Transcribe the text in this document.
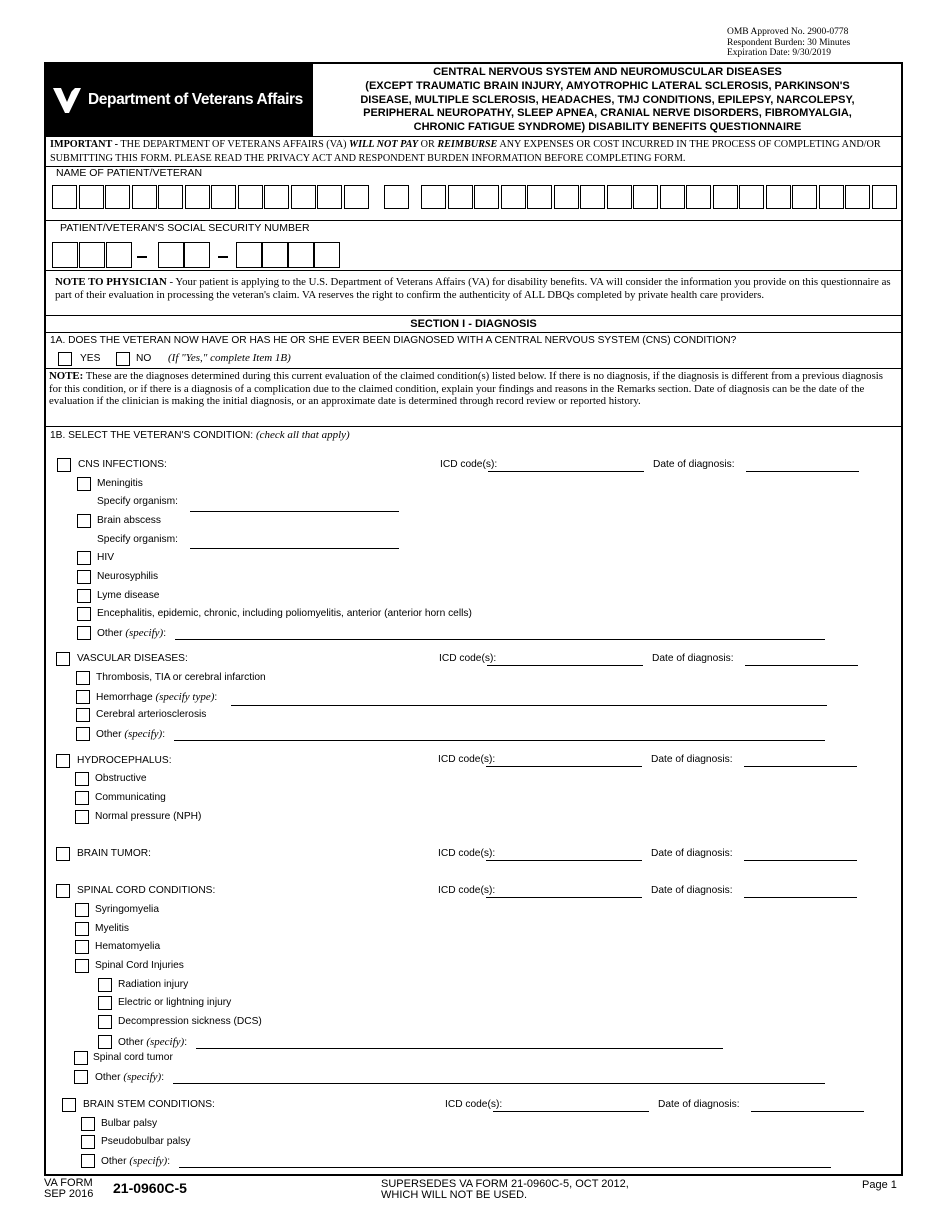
OMB Approved No. 2900-0778
Respondent Burden: 30 Minutes
Expiration Date: 9/30/2019
Department of Veterans Affairs
CENTRAL NERVOUS SYSTEM AND NEUROMUSCULAR DISEASES
(EXCEPT TRAUMATIC BRAIN INJURY, AMYOTROPHIC LATERAL SCLEROSIS, PARKINSON'S
DISEASE, MULTIPLE SCLEROSIS, HEADACHES, TMJ CONDITIONS, EPILEPSY, NARCOLEPSY,
PERIPHERAL NEUROPATHY, SLEEP APNEA, CRANIAL NERVE DISORDERS, FIBROMYALGIA,
CHRONIC FATIGUE SYNDROME) DISABILITY BENEFITS QUESTIONNAIRE
IMPORTANT - THE DEPARTMENT OF VETERANS AFFAIRS (VA) WILL NOT PAY OR REIMBURSE ANY EXPENSES OR COST INCURRED IN THE PROCESS OF COMPLETING AND/OR SUBMITTING THIS FORM. PLEASE READ THE PRIVACY ACT AND RESPONDENT BURDEN INFORMATION BEFORE COMPLETING FORM.
NAME OF PATIENT/VETERAN
PATIENT/VETERAN'S SOCIAL SECURITY NUMBER
NOTE TO PHYSICIAN - Your patient is applying to the U.S. Department of Veterans Affairs (VA) for disability benefits. VA will consider the information you provide on this questionnaire as part of their evaluation in processing the veteran's claim. VA reserves the right to confirm the authenticity of ALL DBQs completed by private health care providers.
SECTION I - DIAGNOSIS
1A. DOES THE VETERAN NOW HAVE OR HAS HE OR SHE EVER BEEN DIAGNOSED WITH A CENTRAL NERVOUS SYSTEM (CNS) CONDITION?
YES	NO (If "Yes," complete Item 1B)
NOTE: These are the diagnoses determined during this current evaluation of the claimed condition(s) listed below. If there is no diagnosis, if the diagnosis is different from a previous diagnosis for this condition, or if there is a diagnosis of a complication due to the claimed condition, explain your findings and reasons in the Remarks section. Date of diagnosis can be the date of the evaluation if the clinician is making the initial diagnosis, or an approximate date is determined through record review or reported history.
1B. SELECT THE VETERAN'S CONDITION: (check all that apply)
CNS INFECTIONS:	ICD code(s):	Date of diagnosis:
Meningitis
Specify organism:
Brain abscess
Specify organism:
HIV
Neurosyphilis
Lyme disease
Encephalitis, epidemic, chronic, including poliomyelitis, anterior (anterior horn cells)
Other (specify):
VASCULAR DISEASES:	ICD code(s):	Date of diagnosis:
Thrombosis, TIA or cerebral infarction
Hemorrhage (specify type):
Cerebral arteriosclerosis
Other (specify):
HYDROCEPHALUS:	ICD code(s):	Date of diagnosis:
Obstructive
Communicating
Normal pressure (NPH)
BRAIN TUMOR:	ICD code(s):	Date of diagnosis:
SPINAL CORD CONDITIONS:	ICD code(s):	Date of diagnosis:
Syringomyelia
Myelitis
Hematomyelia
Spinal Cord Injuries
Radiation injury
Electric or lightning injury
Decompression sickness (DCS)
Other (specify):
Spinal cord tumor
Other (specify):
BRAIN STEM CONDITIONS:	ICD code(s):	Date of diagnosis:
Bulbar palsy
Pseudobulbar palsy
Other (specify):
VA FORM
SEP 2016 21-0960C-5	SUPERSEDES VA FORM 21-0960C-5, OCT 2012,
WHICH WILL NOT BE USED.
Page 1
